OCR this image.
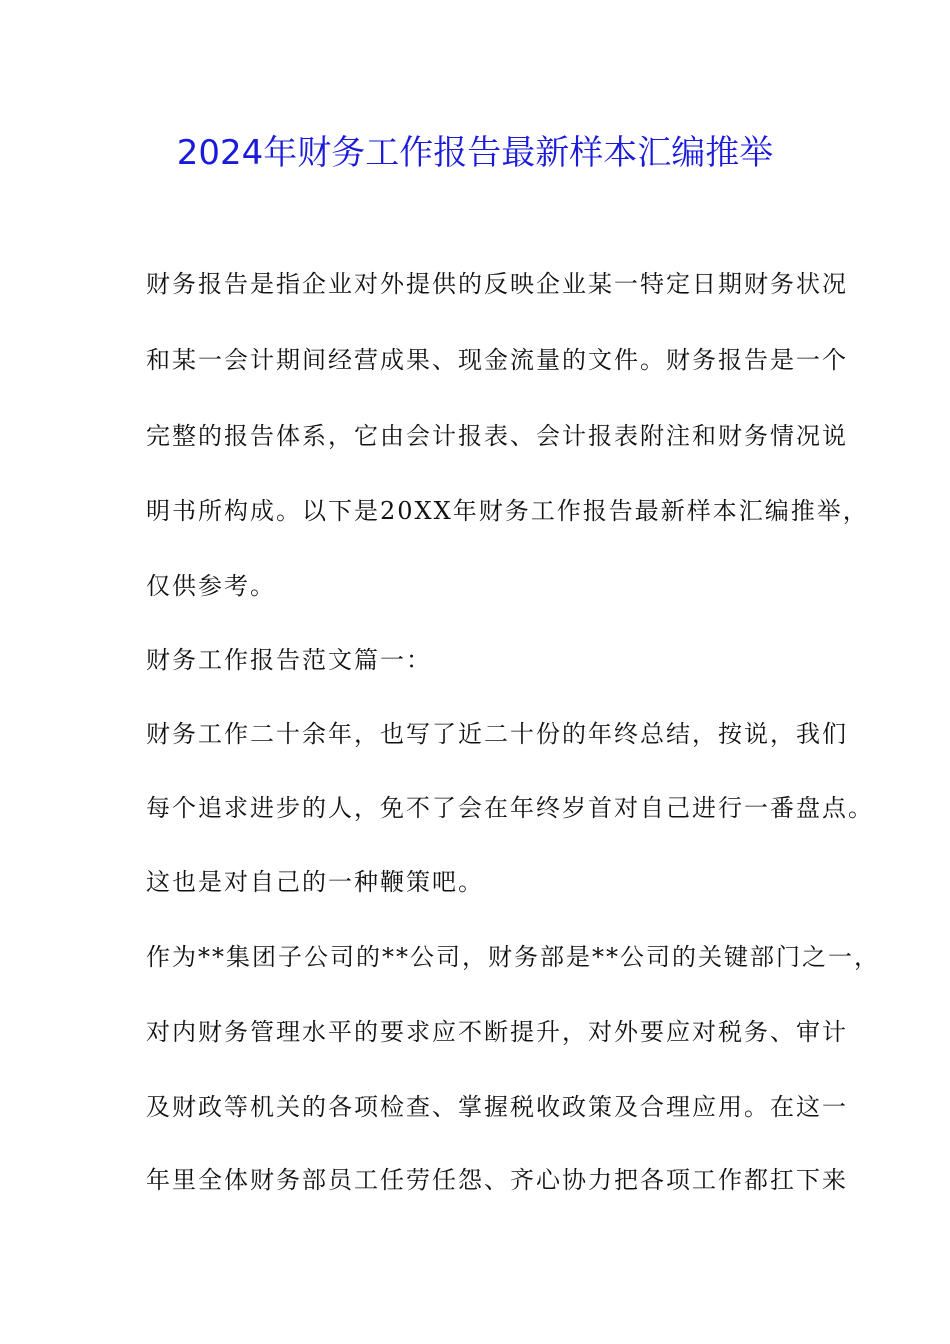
2024年财务工作报告最新样本汇编推举
财务报告是指企业对外提供的反映企业某一特定日期财务状况
和某一会计期间经营成果、现金流量的文件。财务报告是一个
完整的报告体系，它由会计报表、会计报表附注和财务情况说
明书所构成。以下是20XX年财务工作报告最新样本汇编推举，
仅供参考。
财务工作报告范文篇一：
财务工作二十余年，也写了近二十份的年终总结，按说，我们
每个追求进步的人，免不了会在年终岁首对自己进行一番盘点。
这也是对自己的一种鞭策吧。
作为**集团子公司的**公司，财务部是**公司的关键部门之一，
对内财务管理水平的要求应不断提升，对外要应对税务、审计
及财政等机关的各项检查、掌握税收政策及合理应用。在这一
年里全体财务部员工任劳任怨、齐心协力把各项工作都扛下来
